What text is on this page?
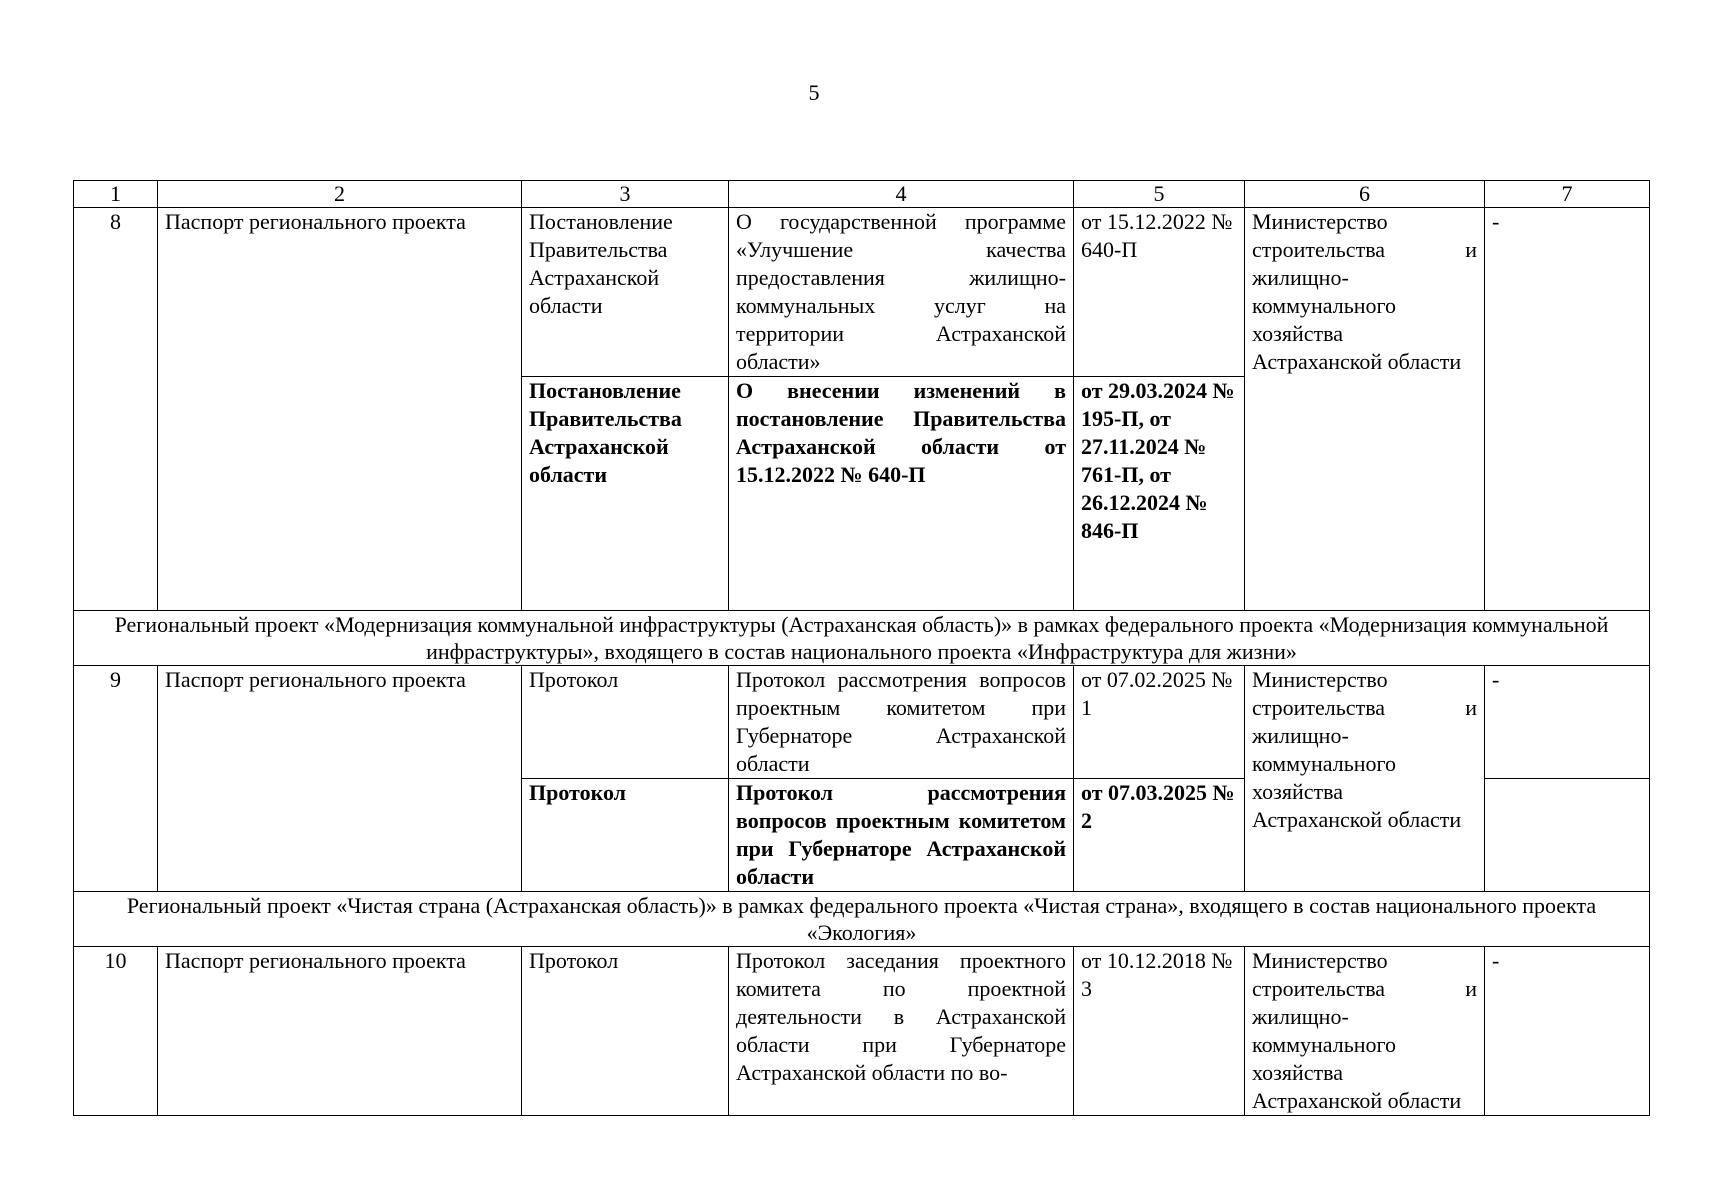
5
1	2	3	4	5	6	7
8	Паспорт регионального проекта	Постановление Правительства Астраханской области	О государственной программе «Улучшение качества предоставления жилищно-коммунальных услуг на территории Астраханской области»	от 15.12.2022 № 640-П	Министерство строительства и жилищно-коммунального хозяйства Астраханской области	-
		Постановление Правительства Астраханской области	О внесении изменений в постановление Правительства Астраханской области от 15.12.2022 № 640-П	от 29.03.2024 № 195-П, от 27.11.2024 № 761-П, от 26.12.2024 № 846-П		
Региональный проект «Модернизация коммунальной инфраструктуры (Астраханская область)» в рамках федерального проекта «Модернизация коммунальной инфраструктуры», входящего в состав национального проекта «Инфраструктура для жизни»						
9	Паспорт регионального проекта	Протокол	Протокол рассмотрения вопросов проектным комитетом при Губернаторе Астраханской области	от 07.02.2025 № 1	Министерство строительства и жилищно-коммунального хозяйства Астраханской области	-
		Протокол	Протокол рассмотрения вопросов проектным комитетом при Губернаторе Астраханской области	от 07.03.2025 № 2		
Региональный проект «Чистая страна (Астраханская область)» в рамках федерального проекта «Чистая страна», входящего в состав национального проекта «Экология»						
10	Паспорт регионального проекта	Протокол	Протокол заседания проектного комитета по проектной деятельности в Астраханской области при Губернаторе Астраханской области по во-	от 10.12.2018 № 3	Министерство строительства и жилищно-коммунального хозяйства Астраханской области	-
